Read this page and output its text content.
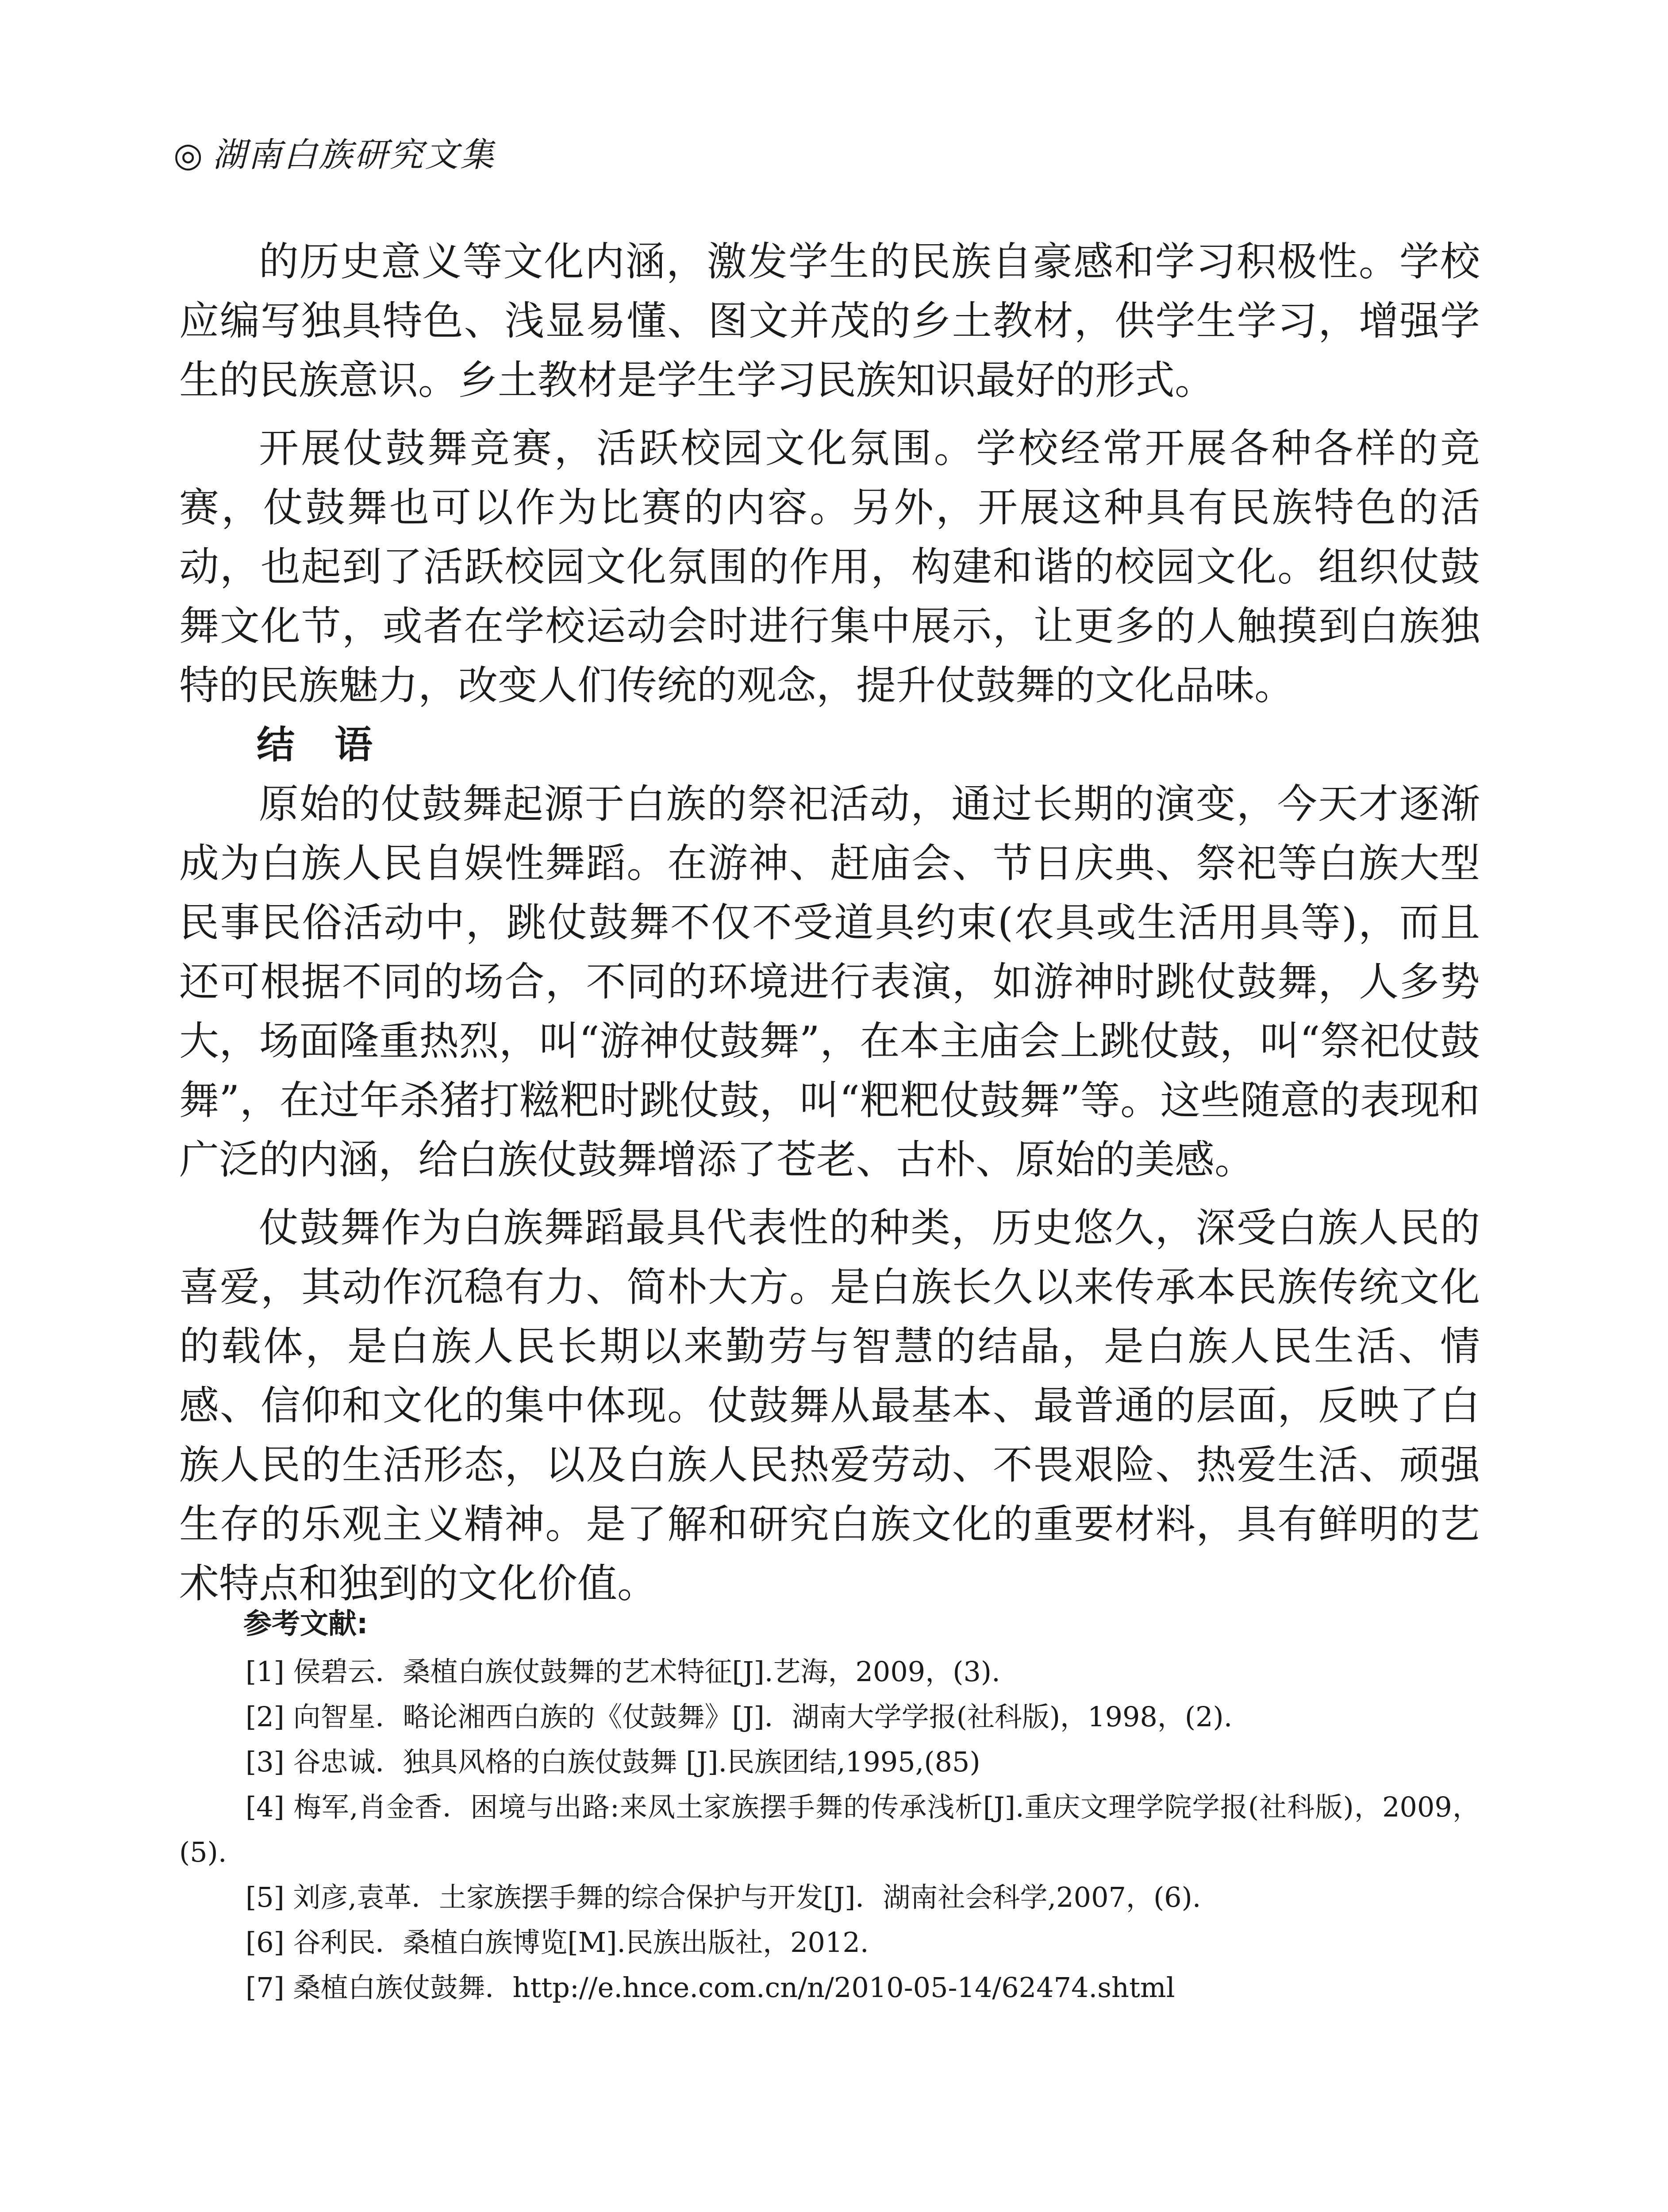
◎ 湖南白族研究文集

的历史意义等文化内涵，激发学生的民族自豪感和学习积极性。学校应编写独具特色、浅显易懂、图文并茂的乡土教材，供学生学习，增强学生的民族意识。乡土教材是学生学习民族知识最好的形式。

开展仗鼓舞竞赛，活跃校园文化氛围。学校经常开展各种各样的竞赛，仗鼓舞也可以作为比赛的内容。另外，开展这种具有民族特色的活动，也起到了活跃校园文化氛围的作用，构建和谐的校园文化。组织仗鼓舞文化节，或者在学校运动会时进行集中展示，让更多的人触摸到白族独特的民族魅力，改变人们传统的观念，提升仗鼓舞的文化品味。

结 语

原始的仗鼓舞起源于白族的祭祀活动，通过长期的演变，今天才逐渐成为白族人民自娱性舞蹈。在游神、赶庙会、节日庆典、祭祀等白族大型民事民俗活动中，跳仗鼓舞不仅不受道具约束(农具或生活用具等)，而且还可根据不同的场合，不同的环境进行表演，如游神时跳仗鼓舞，人多势大，场面隆重热烈，叫“游神仗鼓舞”，在本主庙会上跳仗鼓，叫“祭祀仗鼓舞”，在过年杀猪打糍粑时跳仗鼓，叫“粑粑仗鼓舞”等。这些随意的表现和广泛的内涵，给白族仗鼓舞增添了苍老、古朴、原始的美感。

仗鼓舞作为白族舞蹈最具代表性的种类，历史悠久，深受白族人民的喜爱，其动作沉稳有力、简朴大方。是白族长久以来传承本民族传统文化的载体，是白族人民长期以来勤劳与智慧的结晶，是白族人民生活、情感、信仰和文化的集中体现。仗鼓舞从最基本、最普通的层面，反映了白族人民的生活形态，以及白族人民热爱劳动、不畏艰险、热爱生活、顽强生存的乐观主义精神。是了解和研究白族文化的重要材料，具有鲜明的艺术特点和独到的文化价值。

参考文献:
[1] 侯碧云．桑植白族仗鼓舞的艺术特征[J].艺海，2009，(3).
[2] 向智星．略论湘西白族的《仗鼓舞》[J]．湖南大学学报(社科版)，1998，(2).
[3] 谷忠诚．独具风格的白族仗鼓舞 [J].民族团结,1995,(85)
[4] 梅军,肖金香．困境与出路:来凤土家族摆手舞的传承浅析[J].重庆文理学院学报(社科版)，2009，(5).
[5] 刘彦,袁革．土家族摆手舞的综合保护与开发[J]．湖南社会科学,2007，(6).
[6] 谷利民．桑植白族博览[M].民族出版社，2012.
[7] 桑植白族仗鼓舞．http://e.hnce.com.cn/n/2010-05-14/62474.shtml
